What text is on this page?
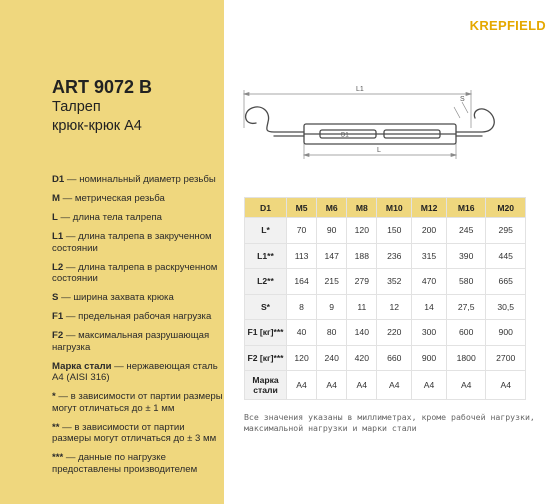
KREPFIELD
ART 9072 B
Талреп
крюк-крюк А4
D1 — номинальный диаметр резьбы
M — метрическая резьба
L — длина тела талрепа
L1 — длина талрепа в закрученном состоянии
L2 — длина талрепа в раскрученном состоянии
S — ширина захвата крюка
F1 — предельная рабочая нагрузка
F2 — максимальная разрушающая нагрузка
Марка стали — нержавеющая сталь А4 (AISI 316)
* — в зависимости от партии размеры могут отличаться до ± 1 мм
** — в зависимости от партии размеры могут отличаться до ± 3 мм
*** — данные по нагрузке предоставлены производителем
L1
S
D1
L
D1	M5	M6	M8	M10	M12	M16	M20
L*	70	90	120	150	200	245	295
L1**	113	147	188	236	315	390	445
L2**	164	215	279	352	470	580	665
S*	8	9	11	12	14	27,5	30,5
F1 [кг]***	40	80	140	220	300	600	900
F2 [кг]***	120	240	420	660	900	1800	2700
Марка стали	А4	А4	А4	А4	А4	А4	А4
Все значения указаны в миллиметрах, кроме рабочей нагрузки, максимальной нагрузки и марки стали
